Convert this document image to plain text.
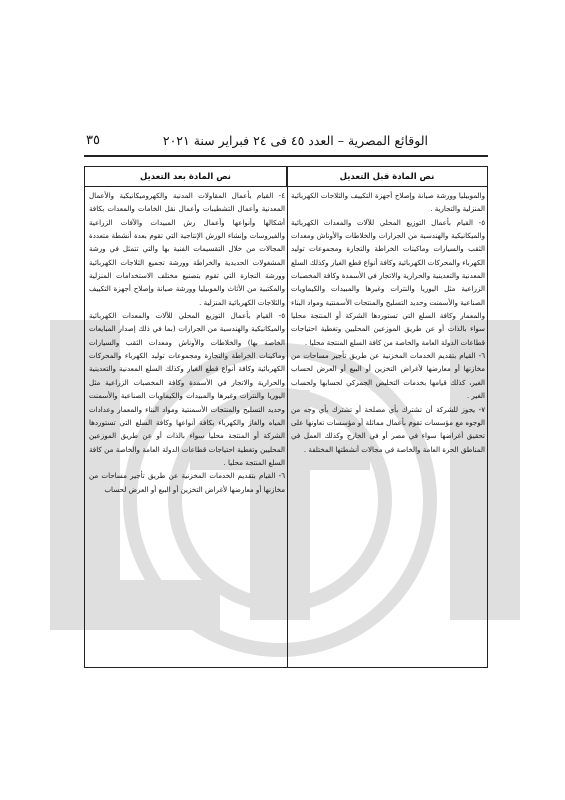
الوقائع المصرية – العدد ٤٥ فى ٢٤ فبراير سنة ٢٠٢١
٣٥
نص المادة قبل التعديل
نص المادة بعد التعديل

والموبيليا وورشة صيانة وإصلاح أجهزة التكييف والثلاجات الكهربائية المنزلية والتجارية .

٥- القيام بأعمال التوزيع المحلي للآلات والمعدات الكهربائية والميكانيكية والهندسية من الجرارات والخلاطات والأوناش ومعدات الثقب والسيارات وماكينات الخراطة والتجارة ومجموعات توليد الكهرباء والمحركات الكهربائية وكافة أنواع قطع الغيار وكذلك السلع المعدنية والتعدينية والحرارية والاتجار في الأسمدة وكافة المخصبات الزراعية مثل اليوريا والنترات وغيرها والمبيدات والكيماويات الصناعية والأسمنت وحديد التسليح والمنتجات الأسمنتية ومواد البناء والمعمار وكافة السلع التي تستوردها الشركة أو المنتجة محليا سواء بالذات أو عن طريق الموزعين المحليين وتغطية احتياجات قطاعات الدولة العامة والخاصة من كافة السلع المنتجة محليا .

٦- القيام بتقديم الخدمات المخزنية عن طريق تأجير مساحات من مخازنها أو معارضها لأغراض التخزين أو البيع أو العرض لحساب الغير، كذلك قيامها بخدمات التخليص الجمركي لحسابها ولحساب الغير .

٧- يجوز للشركة أن تشترك بأي مصلحة أو تشترك بأي وجه من الوجوه مع مؤسسات تقوم بأعمال مماثلة أو مؤسسات تعاونها على تحقيق أغراضها سواء في مصر أو في الخارج وكذلك العمل في المناطق الحرة العامة والخاصة في مجالات أنشطتها المختلفة .

٤- القيام بأعمال المقاولات المدنية والكهروميكانيكية والأعمال المعدنية وأعمال التشطيبات وأعمال نقل الخامات والمعدات بكافة أشكالها وأنواعها وأعمال رش المبيدات والآفات الزراعية والفيروسات وإنشاء الورش الإنتاجية التي تقوم بعدة أنشطة متعددة المجالات من خلال التقسيمات الفنية بها والتي تتمثل في ورشة المشغولات الحديدية والخراطة وورشة تجميع الثلاجات الكهربائية وورشة النجارة التي تقوم بتصنيع مختلف الاستخدامات المنزلية والمكتبية من الأثاث والموبيليا وورشة صيانة وإصلاح أجهزة التكييف والثلاجات الكهربائية المنزلية .

٥- القيام بأعمال التوزيع المحلي للآلات والمعدات الكهربائية والميكانيكية والهندسية من الجرارات (بما في ذلك إصدار المبايعات الخاصة بها) والخلاطات والأوناش ومعدات الثقب والسيارات وماكينات الخراطة والتجارة ومجموعات توليد الكهرباء والمحركات الكهربائية وكافة أنواع قطع الغيار وكذلك السلع المعدنية والتعدينية والحرارية والاتجار في الأسمدة وكافة المخصبات الزراعية مثل اليوريا والنترات وغيرها والمبيدات والكيماويات الصناعية والأسمنت وحديد التسليح والمنتجات الأسمنتية ومواد البناء والمعمار وعدادات المياه والغاز والكهرباء بكافة أنواعها وكافة السلع التي تستوردها الشركة أو المنتجة محليا سواء بالذات أو عن طريق الموزعين المحليين وتغطية احتياجات قطاعات الدولة العامة والخاصة من كافة السلع المنتجة محليا .

٦- القيام بتقديم الخدمات المخزنية عن طريق تأجير مساحات من مخازنها أو معارضها لأغراض التخزين أو البيع أو العرض لحساب
